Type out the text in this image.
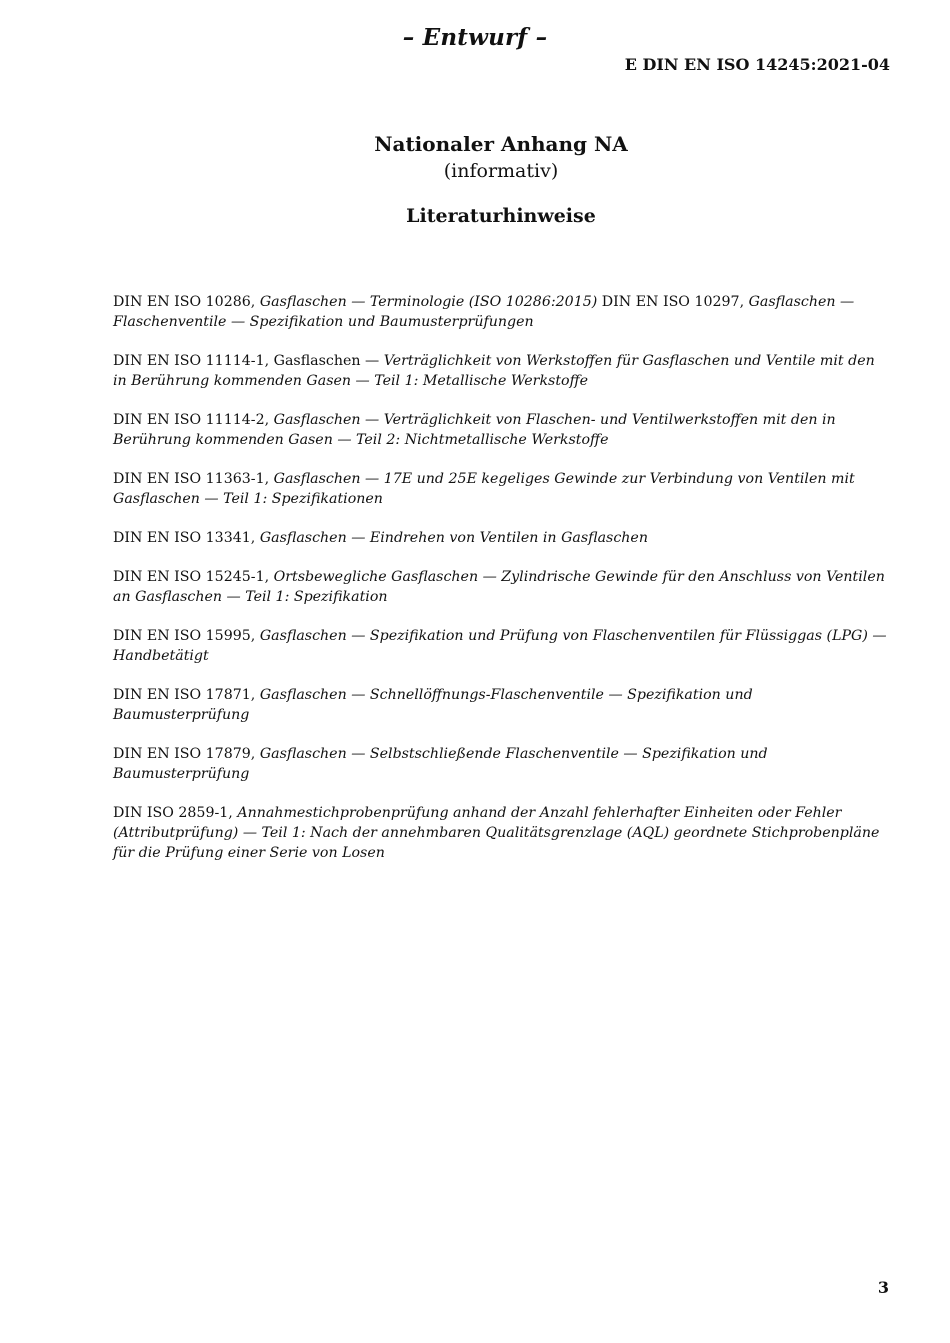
– Entwurf –
E DIN EN ISO 14245:2021-04
Nationaler Anhang NA
(informativ)
Literaturhinweise

DIN EN ISO 10286, Gasflaschen — Terminologie (ISO 10286:2015) DIN EN ISO 10297, Gasflaschen — Flaschenventile — Spezifikation und Baumusterprüfungen

DIN EN ISO 11114-1, Gasflaschen — Verträglichkeit von Werkstoffen für Gasflaschen und Ventile mit den in Berührung kommenden Gasen — Teil 1: Metallische Werkstoffe

DIN EN ISO 11114-2, Gasflaschen — Verträglichkeit von Flaschen- und Ventilwerkstoffen mit den in Berührung kommenden Gasen — Teil 2: Nichtmetallische Werkstoffe

DIN EN ISO 11363-1, Gasflaschen — 17E und 25E kegeliges Gewinde zur Verbindung von Ventilen mit Gasflaschen — Teil 1: Spezifikationen

DIN EN ISO 13341, Gasflaschen — Eindrehen von Ventilen in Gasflaschen

DIN EN ISO 15245-1, Ortsbewegliche Gasflaschen — Zylindrische Gewinde für den Anschluss von Ventilen an Gasflaschen — Teil 1: Spezifikation

DIN EN ISO 15995, Gasflaschen — Spezifikation und Prüfung von Flaschenventilen für Flüssiggas (LPG) — Handbetätigt

DIN EN ISO 17871, Gasflaschen — Schnellöffnungs-Flaschenventile — Spezifikation und Baumusterprüfung

DIN EN ISO 17879, Gasflaschen — Selbstschließende Flaschenventile — Spezifikation und Baumusterprüfung

DIN ISO 2859-1, Annahmestichprobenprüfung anhand der Anzahl fehlerhafter Einheiten oder Fehler (Attributprüfung) — Teil 1: Nach der annehmbaren Qualitätsgrenzlage (AQL) geordnete Stichprobenpläne für die Prüfung einer Serie von Losen

3
